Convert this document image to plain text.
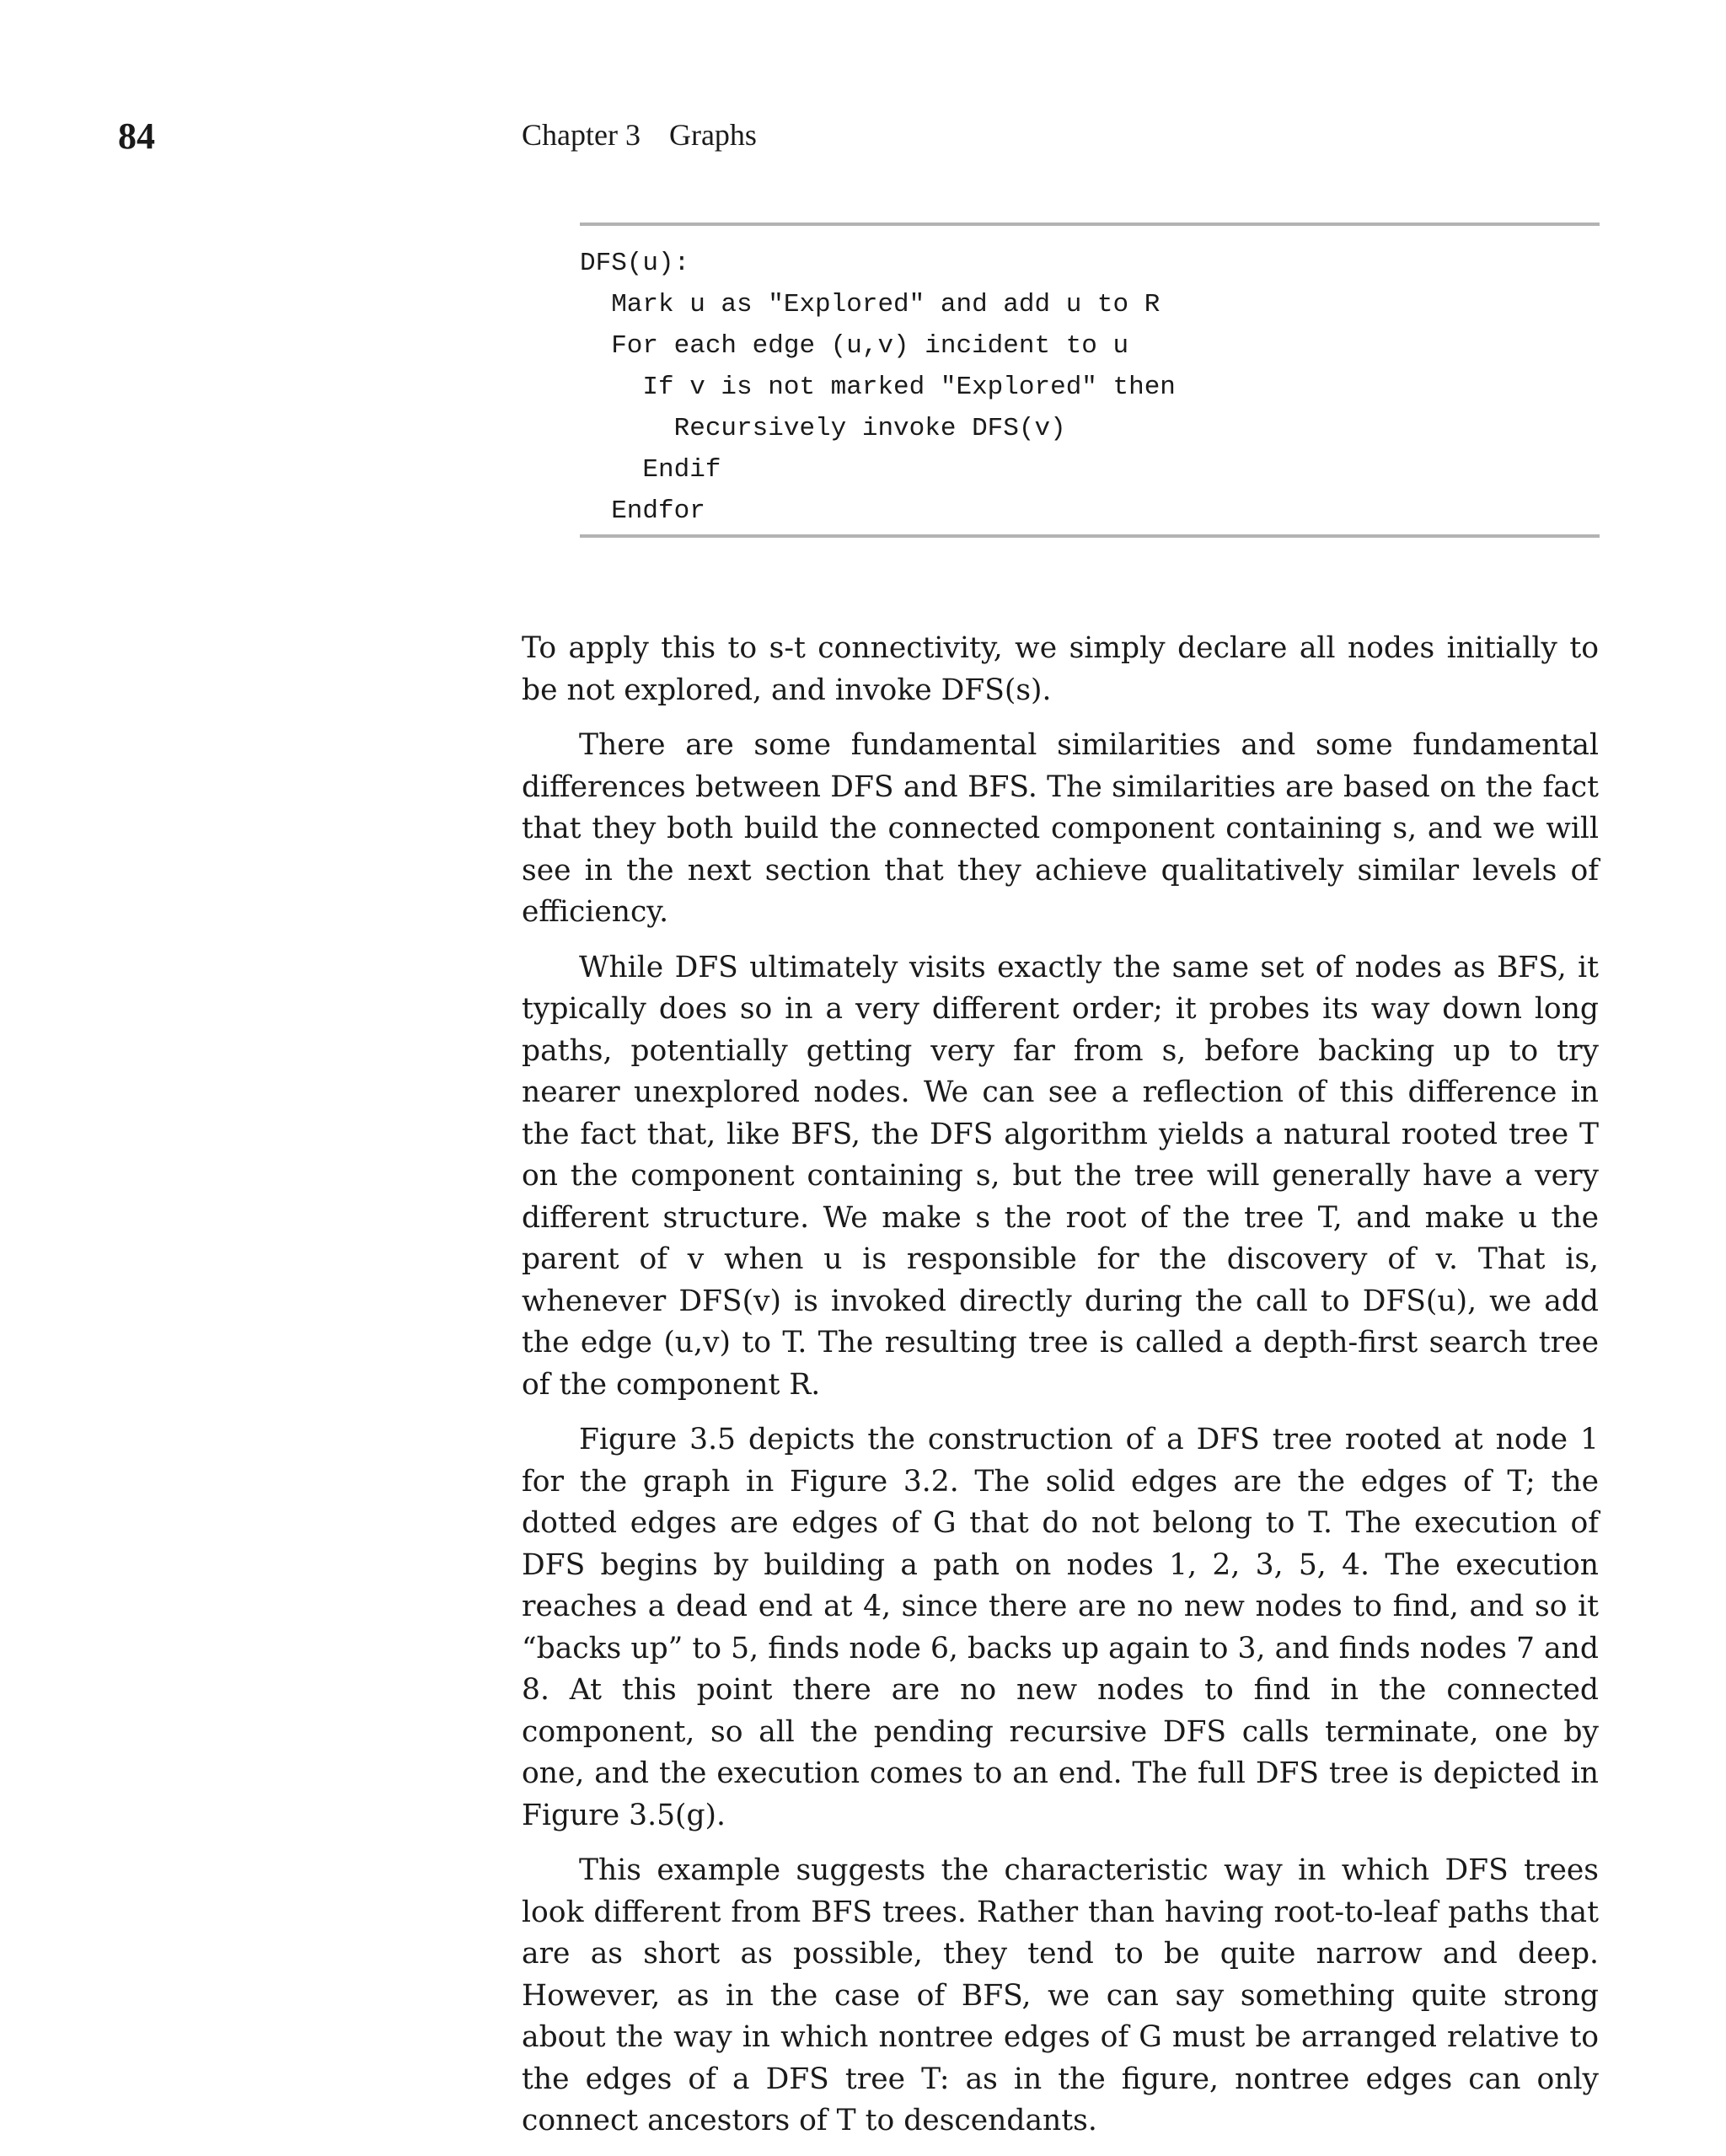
84	Chapter 3 Graphs
DFS(u):
Mark u as "Explored" and add u to R
For each edge (u,v) incident to u
If v is not marked "Explored" then
Recursively invoke DFS(v)
Endif
Endfor

To apply this to s-t connectivity, we simply declare all nodes initially to be not explored, and invoke DFS(s).

There are some fundamental similarities and some fundamental differences between DFS and BFS. The similarities are based on the fact that they both build the connected component containing s, and we will see in the next section that they achieve qualitatively similar levels of efficiency.

While DFS ultimately visits exactly the same set of nodes as BFS, it typically does so in a very different order; it probes its way down long paths, potentially getting very far from s, before backing up to try nearer unexplored nodes. We can see a reflection of this difference in the fact that, like BFS, the DFS algorithm yields a natural rooted tree T on the component containing s, but the tree will generally have a very different structure. We make s the root of the tree T, and make u the parent of v when u is responsible for the discovery of v. That is, whenever DFS(v) is invoked directly during the call to DFS(u), we add the edge (u,v) to T. The resulting tree is called a depth-first search tree of the component R.

Figure 3.5 depicts the construction of a DFS tree rooted at node 1 for the graph in Figure 3.2. The solid edges are the edges of T; the dotted edges are edges of G that do not belong to T. The execution of DFS begins by building a path on nodes 1, 2, 3, 5, 4. The execution reaches a dead end at 4, since there are no new nodes to find, and so it “backs up” to 5, finds node 6, backs up again to 3, and finds nodes 7 and 8. At this point there are no new nodes to find in the connected component, so all the pending recursive DFS calls terminate, one by one, and the execution comes to an end. The full DFS tree is depicted in Figure 3.5(g).

This example suggests the characteristic way in which DFS trees look different from BFS trees. Rather than having root-to-leaf paths that are as short as possible, they tend to be quite narrow and deep. However, as in the case of BFS, we can say something quite strong about the way in which nontree edges of G must be arranged relative to the edges of a DFS tree T: as in the figure, nontree edges can only connect ancestors of T to descendants.
